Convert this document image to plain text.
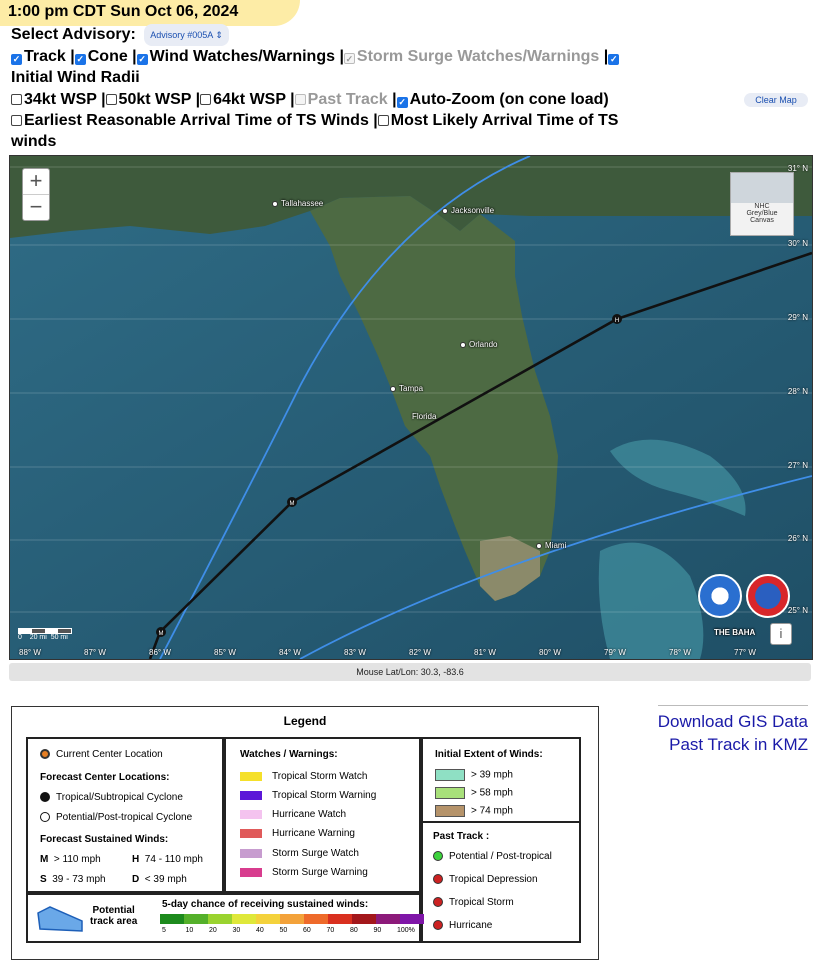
1:00 pm CDT Sun Oct 06, 2024
Select Advisory: Advisory #005A ⇕
✓ Track | ✓ Cone | ✓ Wind Watches/Warnings | ✓ Storm Surge Watches/Warnings | ✓
Initial Wind Radii
34kt WSP | 50kt WSP | 64kt WSP | Past Track | ✓ Auto-Zoom (on cone load)
Earliest Reasonable Arrival Time of TS Winds | Most Likely Arrival Time of TS
winds
Clear Map
M
M
H
+
−	NHC
Grey/Blue
Canvas
Tallahassee
Jacksonville
Orlando
Tampa
Florida
Miami
THE BAHA
31° N
30° N
29° N
28° N
27° N
26° N
25° N
88° W	87° W	86° W	85° W	84° W	83° W	82° W	81° W	80° W	79° W	78° W	77° W
0 20 mi 50 mi	i
Mouse Lat/Lon: 30.3, -83.6
Download GIS Data
Past Track in KMZ
Legend
Current Center Location
Forecast Center Locations:
Tropical/Subtropical Cyclone
Potential/Post-tropical Cyclone
Forecast Sustained Winds:
M > 110 mph	H 74 - 110 mph
S 39 - 73 mph	D < 39 mph
Watches / Warnings:
Tropical Storm Watch
Tropical Storm Warning
Hurricane Watch
Hurricane Warning
Storm Surge Watch
Storm Surge Warning
Initial Extent of Winds:
> 39 mph
> 58 mph
> 74 mph
Past Track :
Potential / Post-tropical
Tropical Depression
Tropical Storm
Hurricane
Potential
track area
5-day chance of receiving sustained winds:
5	10 20 30 40 50 60 70 80 90 100%
